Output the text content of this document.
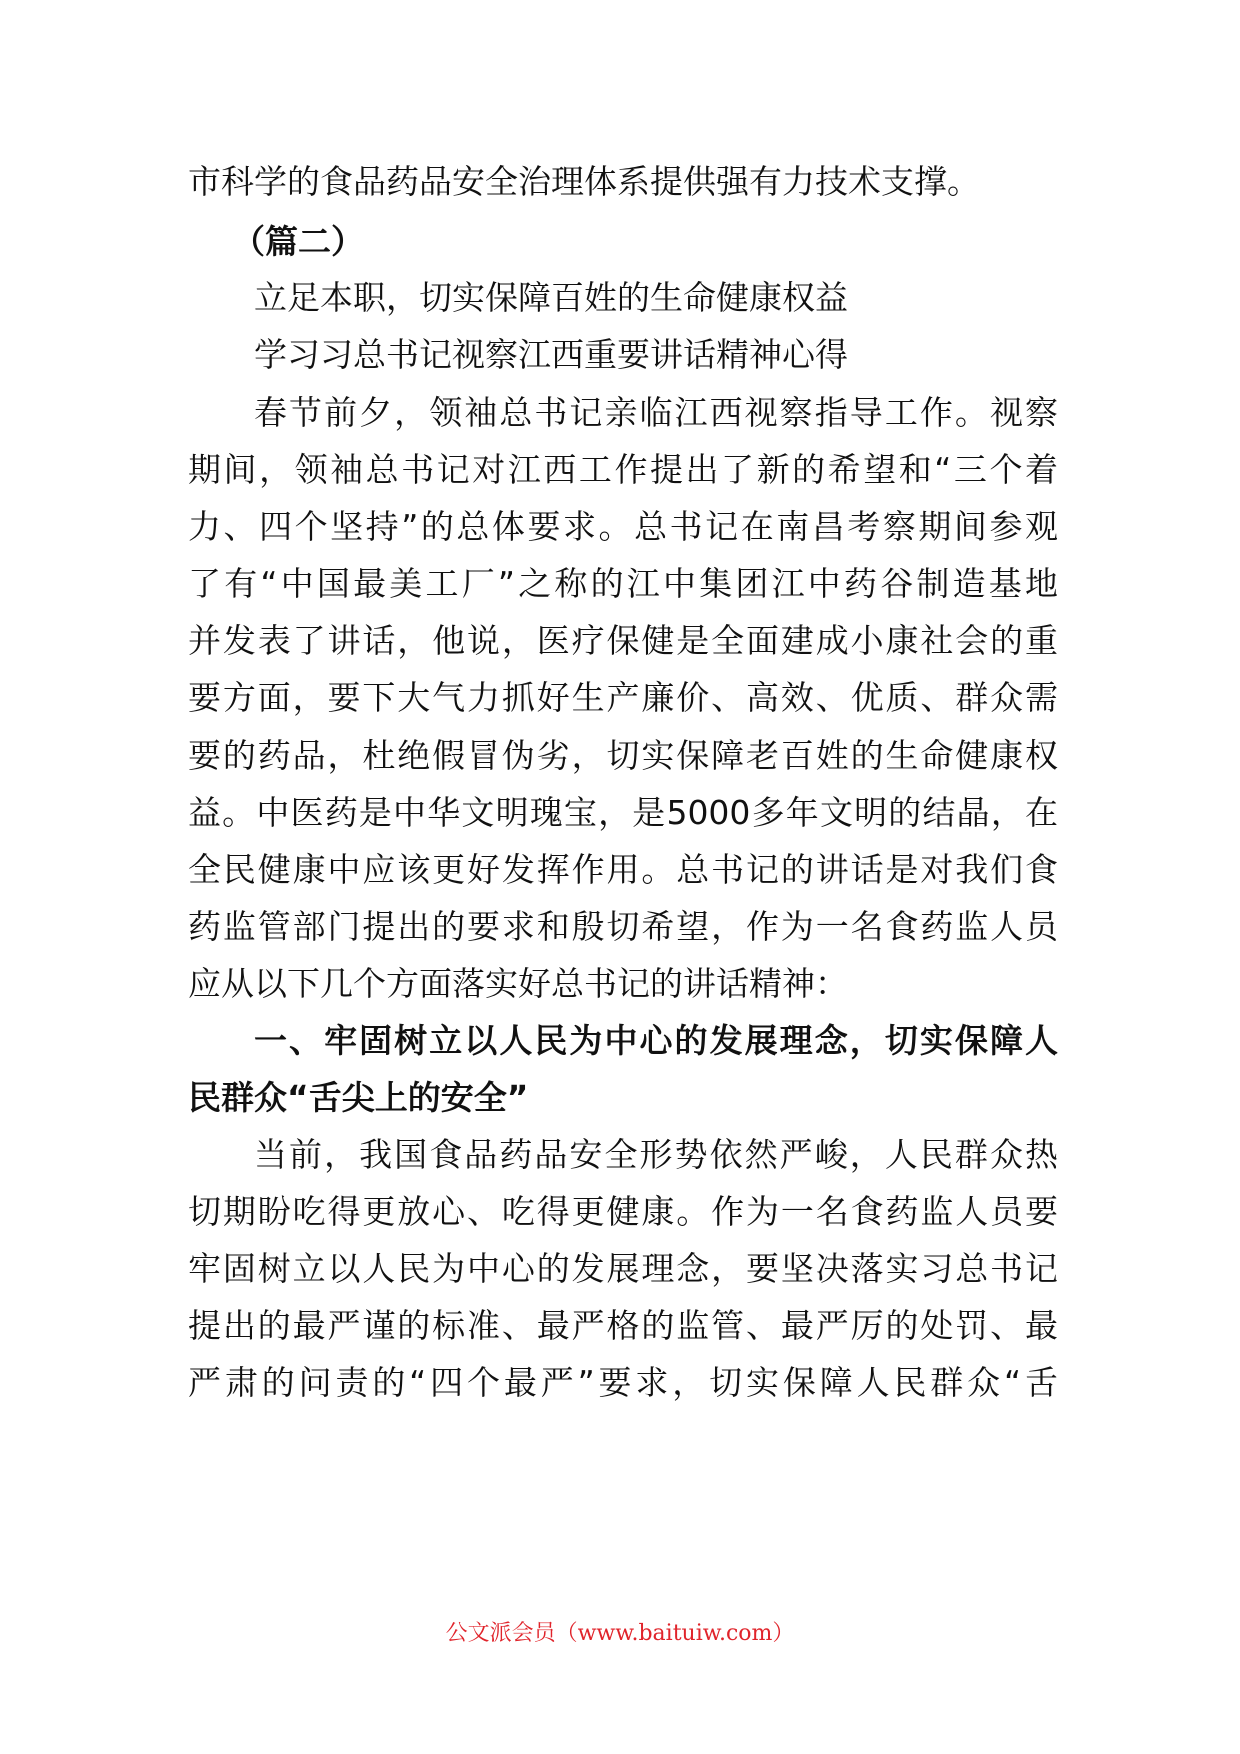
市科学的食品药品安全治理体系提供强有力技术支撑。
（篇二）
立足本职，切实保障百姓的生命健康权益
学习习总书记视察江西重要讲话精神心得
春节前夕，领袖总书记亲临江西视察指导工作。视察
期间，领袖总书记对江西工作提出了新的希望和“三个着
力、四个坚持”的总体要求。总书记在南昌考察期间参观
了有“中国最美工厂”之称的江中集团江中药谷制造基地
并发表了讲话，他说，医疗保健是全面建成小康社会的重
要方面，要下大气力抓好生产廉价、高效、优质、群众需
要的药品，杜绝假冒伪劣，切实保障老百姓的生命健康权
益。中医药是中华文明瑰宝，是5000多年文明的结晶，在
全民健康中应该更好发挥作用。总书记的讲话是对我们食
药监管部门提出的要求和殷切希望，作为一名食药监人员
应从以下几个方面落实好总书记的讲话精神：
一、牢固树立以人民为中心的发展理念，切实保障人
民群众“舌尖上的安全”
当前，我国食品药品安全形势依然严峻，人民群众热
切期盼吃得更放心、吃得更健康。作为一名食药监人员要
牢固树立以人民为中心的发展理念，要坚决落实习总书记
提出的最严谨的标准、最严格的监管、最严厉的处罚、最
严肃的问责的“四个最严”要求，切实保障人民群众“舌
公文派会员（www.baituiw.com）
